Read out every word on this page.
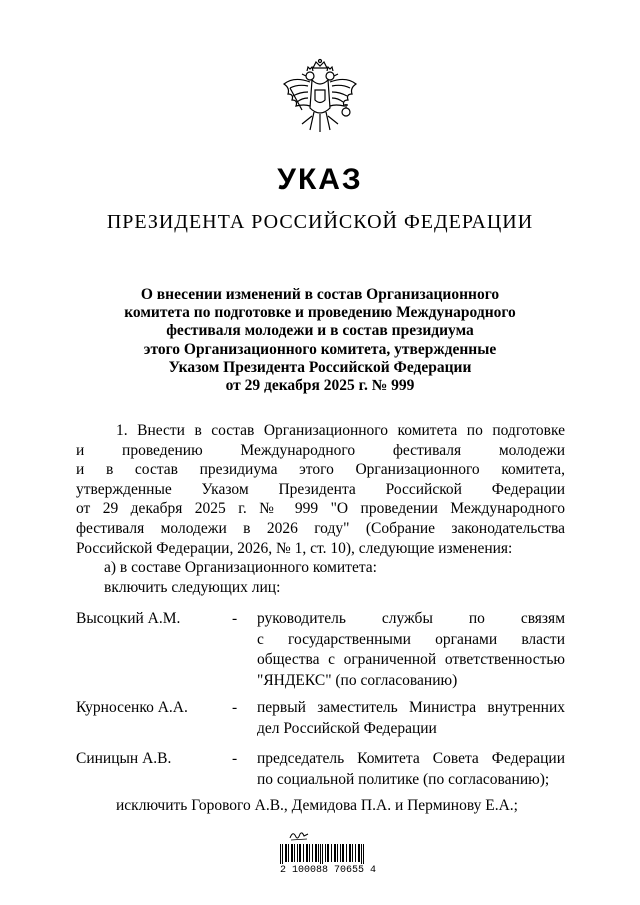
УКАЗ
ПРЕЗИДЕНТА РОССИЙСКОЙ ФЕДЕРАЦИИ
О внесении изменений в состав Организационного
комитета по подготовке и проведению Международного
фестиваля молодежи и в состав президиума
этого Организационного комитета, утвержденные
Указом Президента Российской Федерации
от 29 декабря 2025 г. № 999
1. Внести в состав Организационного комитета по подготовке
и проведению Международного фестиваля молодежи
и в состав президиума этого Организационного комитета,
утвержденные Указом Президента Российской Федерации
от 29 декабря 2025 г. № 999 "О проведении Международного
фестиваля молодежи в 2026 году" (Собрание законодательства
Российской Федерации, 2026, № 1, ст. 10), следующие изменения:
а) в составе Организационного комитета:
включить следующих лиц:
Высоцкий А.М.	- руководитель службы по связям
с государственными органами власти
общества с ограниченной ответственностью
"ЯНДЕКС" (по согласованию)
Курносенко А.А.	- первый заместитель Министра внутренних
дел Российской Федерации
Синицын А.В.	- председатель Комитета Совета Федерации
по социальной политике (по согласованию);
исключить Горового А.В., Демидова П.А. и Перминову Е.А.;
2 100088 70655 4
